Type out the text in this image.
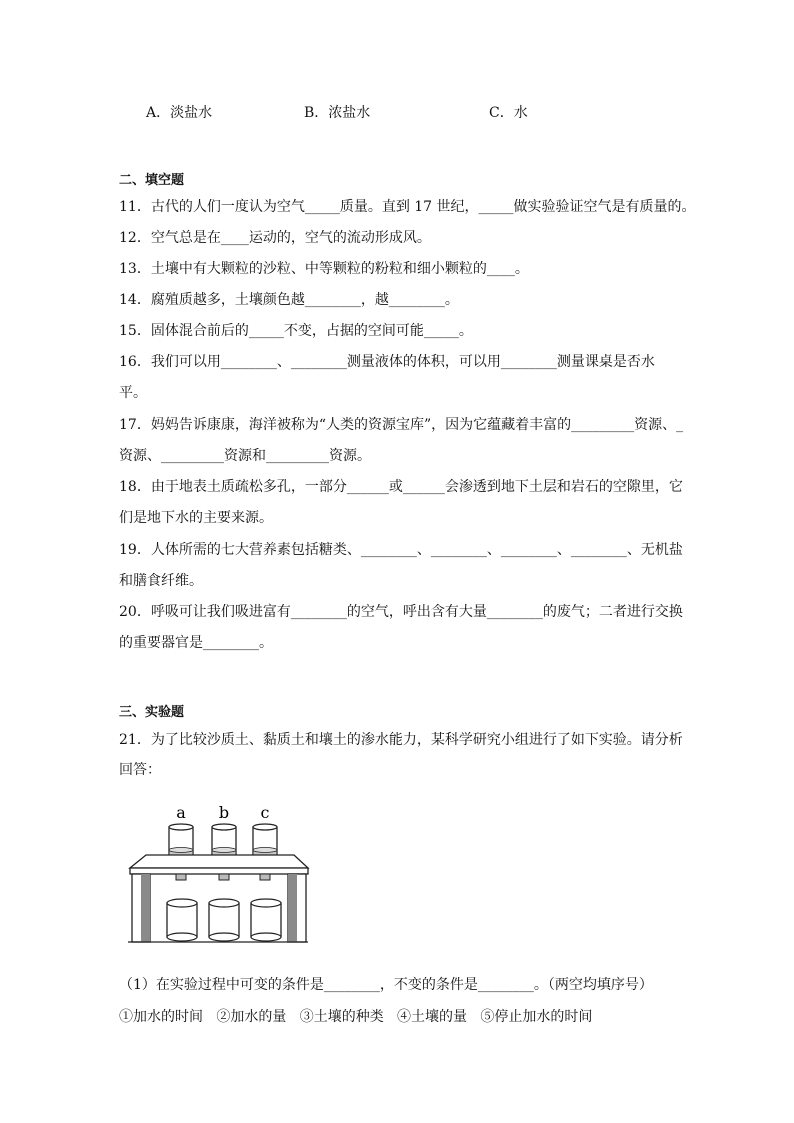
A．淡盐水	B．浓盐水	C．水
二、填空题
11．古代的人们一度认为空气_____质量。直到 17 世纪，_____做实验验证空气是有质量的。
12．空气总是在____运动的，空气的流动形成风。
13．土壤中有大颗粒的沙粒、中等颗粒的粉粒和细小颗粒的____。
14．腐殖质越多，土壤颜色越________，越________。
15．固体混合前后的_____不变，占据的空间可能_____。
16．我们可以用________、________测量液体的体积，可以用________测量课桌是否水
平。
17．妈妈告诉康康，海洋被称为“人类的资源宝库”，因为它蕴藏着丰富的_________资源、_
资源、_________资源和_________资源。
18．由于地表土质疏松多孔，一部分______或______会渗透到地下土层和岩石的空隙里，它
们是地下水的主要来源。
19．人体所需的七大营养素包括糖类、________、________、________、________、无机盐
和膳食纤维。
20．呼吸可让我们吸进富有________的空气，呼出含有大量________的废气；二者进行交换
的重要器官是________。
三、实验题
21．为了比较沙质土、黏质土和壤土的渗水能力，某科学研究小组进行了如下实验。请分析
回答：
a b c
（1）在实验过程中可变的条件是________，不变的条件是________。（两空均填序号）
①加水的时间   ②加水的量   ③土壤的种类   ④土壤的量   ⑤停止加水的时间
